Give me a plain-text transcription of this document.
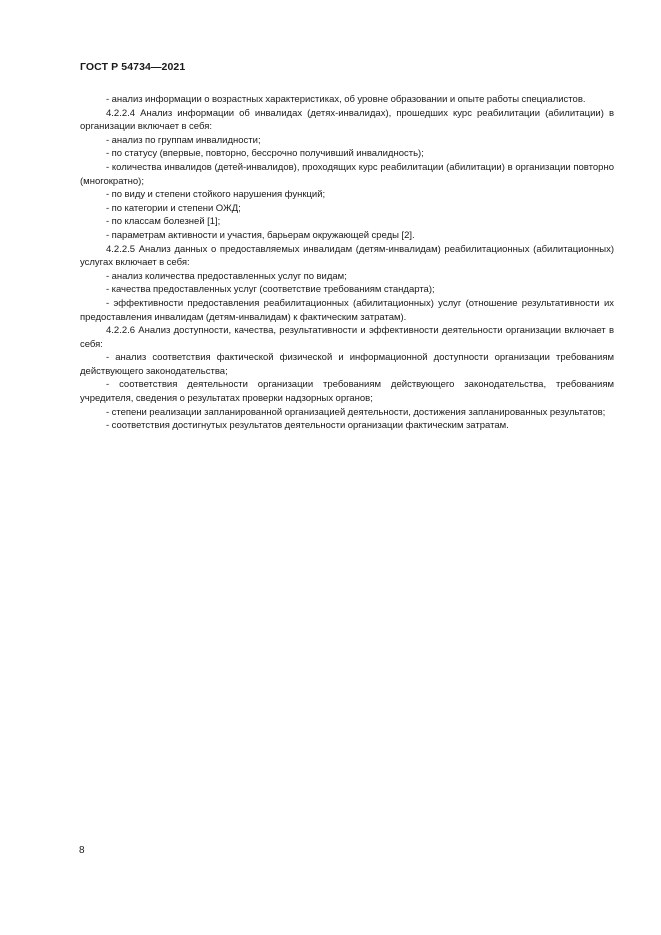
ГОСТ Р 54734—2021

- анализ информации о возрастных характеристиках, об уровне образовании и опыте работы специалистов.

4.2.2.4 Анализ информации об инвалидах (детях-инвалидах), прошедших курс реабилитации (абилитации) в организации включает в себя:

- анализ по группам инвалидности;

- по статусу (впервые, повторно, бессрочно получивший инвалидность);

- количества инвалидов (детей-инвалидов), проходящих курс реабилитации (абилитации) в организации повторно (многократно);

- по виду и степени стойкого нарушения функций;

- по категории и степени ОЖД;

- по классам болезней [1];

- параметрам активности и участия, барьерам окружающей среды [2].

4.2.2.5 Анализ данных о предоставляемых инвалидам (детям-инвалидам) реабилитационных (абилитационных) услугах включает в себя:

- анализ количества предоставленных услуг по видам;

- качества предоставленных услуг (соответствие требованиям стандарта);

- эффективности предоставления реабилитационных (абилитационных) услуг (отношение результативности их предоставления инвалидам (детям-инвалидам) к фактическим затратам).

4.2.2.6 Анализ доступности, качества, результативности и эффективности деятельности организации включает в себя:

- анализ соответствия фактической физической и информационной доступности организации требованиям действующего законодательства;

- соответствия деятельности организации требованиям действующего законодательства, требованиям учредителя, сведения о результатах проверки надзорных органов;

- степени реализации запланированной организацией деятельности, достижения запланированных результатов;

- соответствия достигнутых результатов деятельности организации фактическим затратам.

8
